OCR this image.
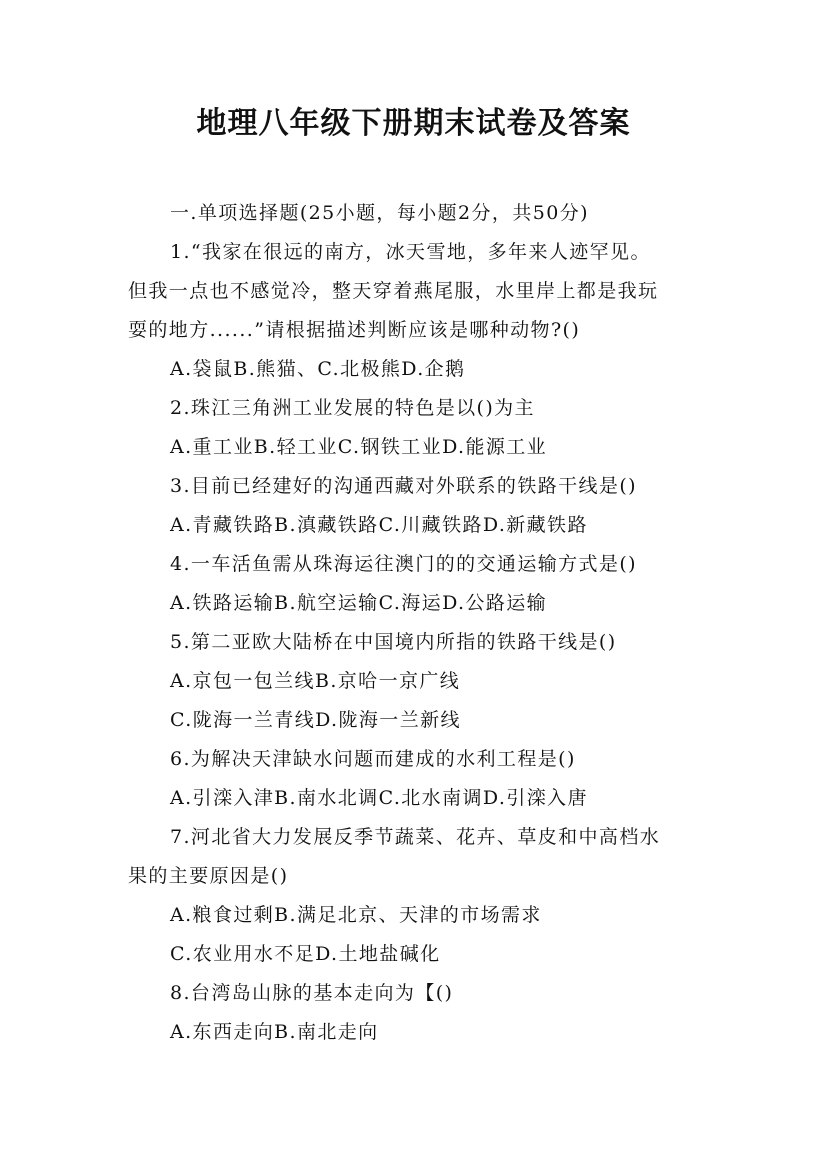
地理八年级下册期末试卷及答案
一.单项选择题(25小题，每小题2分，共50分)
1.“我家在很远的南方，冰天雪地，多年来人迹罕见。
但我一点也不感觉冷，整天穿着燕尾服，水里岸上都是我玩
耍的地方......”请根据描述判断应该是哪种动物?()
A.袋鼠B.熊猫、C.北极熊D.企鹅
2.珠江三角洲工业发展的特色是以()为主
A.重工业B.轻工业C.钢铁工业D.能源工业
3.目前已经建好的沟通西藏对外联系的铁路干线是()
A.青藏铁路B.滇藏铁路C.川藏铁路D.新藏铁路
4.一车活鱼需从珠海运往澳门的的交通运输方式是()
A.铁路运输B.航空运输C.海运D.公路运输
5.第二亚欧大陆桥在中国境内所指的铁路干线是()
A.京包一包兰线B.京哈一京广线
C.陇海一兰青线D.陇海一兰新线
6.为解决天津缺水问题而建成的水利工程是()
A.引滦入津B.南水北调C.北水南调D.引滦入唐
7.河北省大力发展反季节蔬菜、花卉、草皮和中高档水
果的主要原因是()
A.粮食过剩B.满足北京、天津的市场需求
C.农业用水不足D.土地盐碱化
8.台湾岛山脉的基本走向为【()
A.东西走向B.南北走向
